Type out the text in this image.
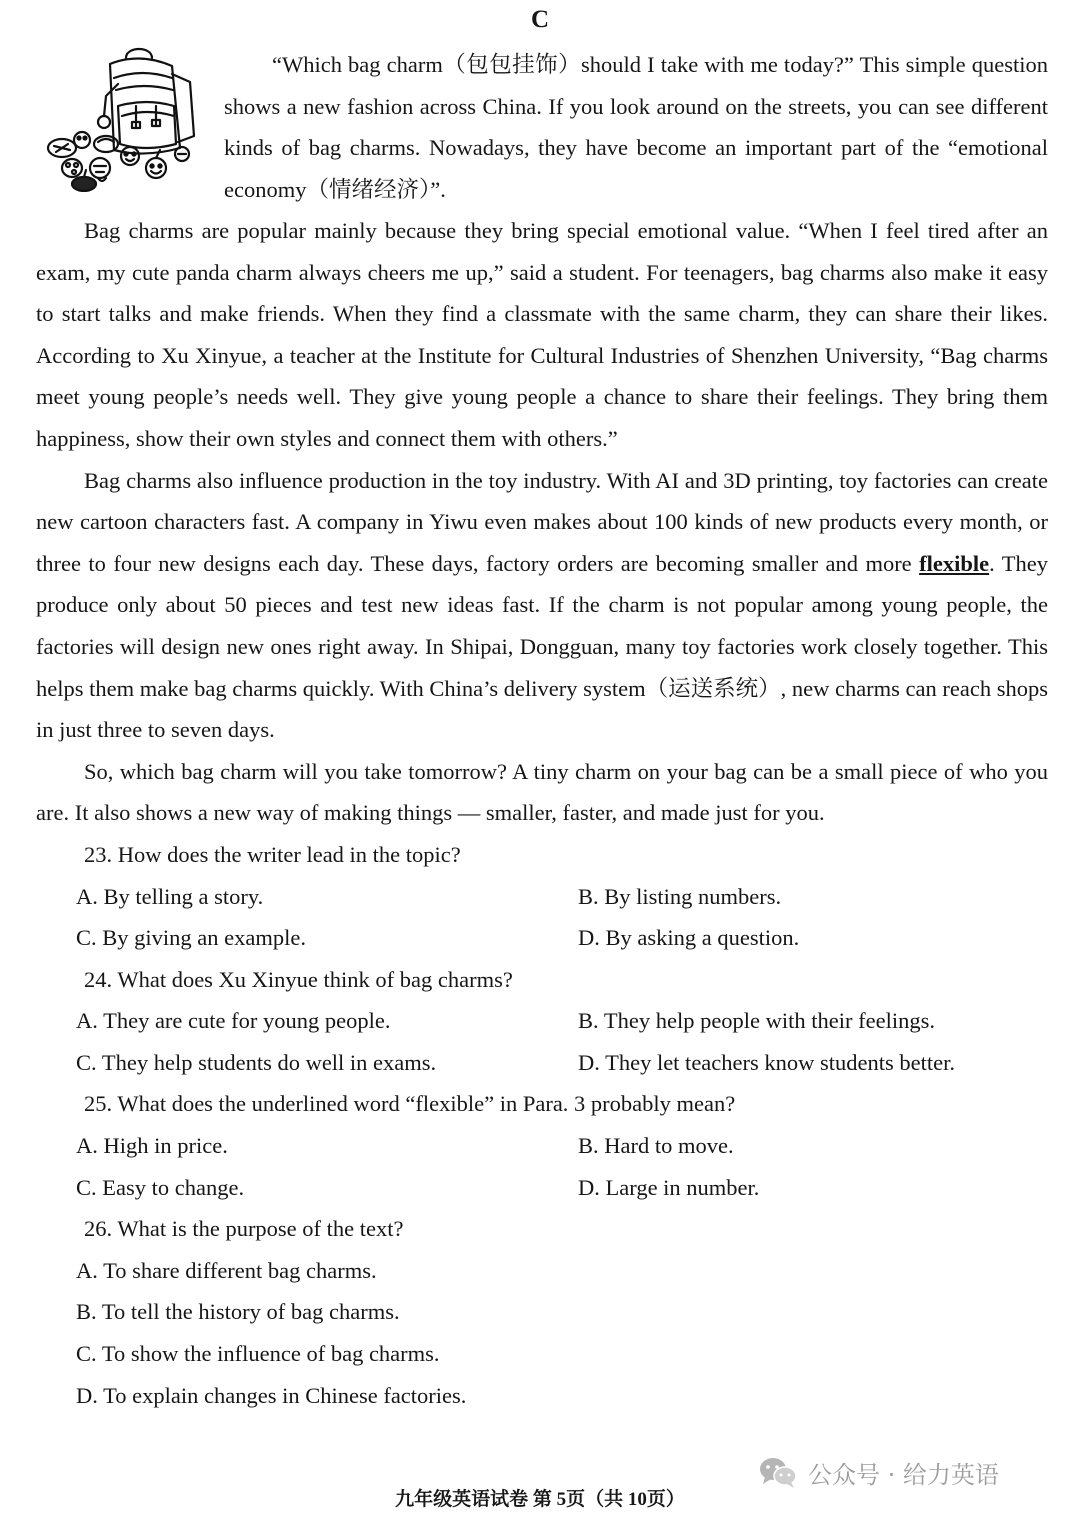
C

“Which bag charm（包包挂饰）should I take with me today?” This simple question shows a new fashion across China. If you look around on the streets, you can see different kinds of bag charms. Nowadays, they have become an important part of the “emotional economy（情绪经济）”.

Bag charms are popular mainly because they bring special emotional value. “When I feel tired after an exam, my cute panda charm always cheers me up,” said a student. For teenagers, bag charms also make it easy to start talks and make friends. When they find a classmate with the same charm, they can share their likes. According to Xu Xinyue, a teacher at the Institute for Cultural Industries of Shenzhen University, “Bag charms meet young people’s needs well. They give young people a chance to share their feelings. They bring them happiness, show their own styles and connect them with others.”

Bag charms also influence production in the toy industry. With AI and 3D printing, toy factories can create new cartoon characters fast. A company in Yiwu even makes about 100 kinds of new products every month, or three to four new designs each day. These days, factory orders are becoming smaller and more flexible. They produce only about 50 pieces and test new ideas fast. If the charm is not popular among young people, the factories will design new ones right away. In Shipai, Dongguan, many toy factories work closely together. This helps them make bag charms quickly. With China’s delivery system（运送系统）, new charms can reach shops in just three to seven days.

So, which bag charm will you take tomorrow? A tiny charm on your bag can be a small piece of who you are. It also shows a new way of making things — smaller, faster, and made just for you.

23. How does the writer lead in the topic?

A. By telling a story.	B. By listing numbers.
C. By giving an example.	D. By asking a question.

24. What does Xu Xinyue think of bag charms?

A. They are cute for young people.	B. They help people with their feelings.
C. They help students do well in exams.	D. They let teachers know students better.

25. What does the underlined word “flexible” in Para. 3 probably mean?

A. High in price.	B. Hard to move.
C. Easy to change.	D. Large in number.

26. What is the purpose of the text?

A. To share different bag charms.
B. To tell the history of bag charms.
C. To show the influence of bag charms.
D. To explain changes in Chinese factories.
公众号 · 给力英语
九年级英语试卷 第 5页（共 10页）
